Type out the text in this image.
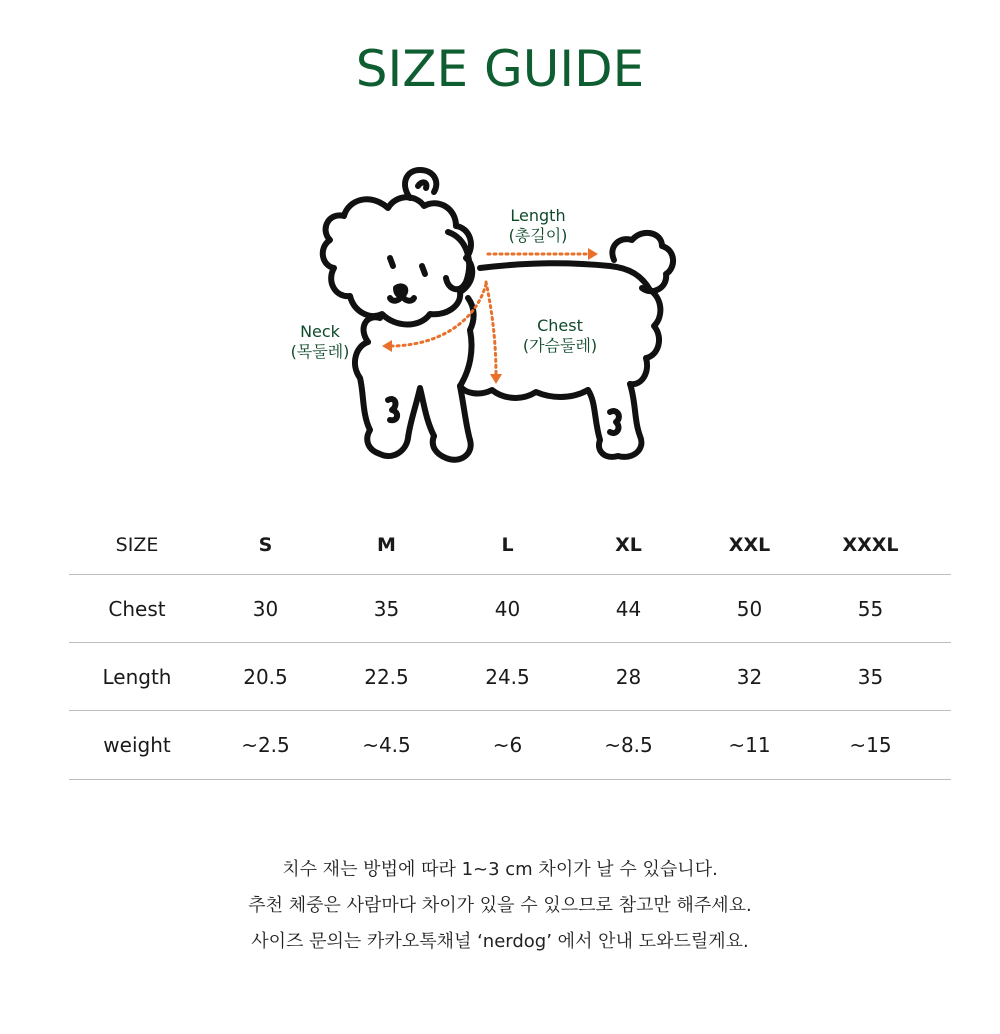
SIZE GUIDE
Length
(총길이)
Neck
(목둘레)
Chest
(가슴둘레)
SIZE	S	M	L	XL	XXL	XXXL
Chest	30	35	40	44	50	55
Length	20.5	22.5	24.5	28	32	35
weight	~2.5	~4.5	~6	~8.5	~11	~15
치수 재는 방법에 따라 1~3 cm 차이가 날 수 있습니다.
추천 체중은 사람마다 차이가 있을 수 있으므로 참고만 해주세요.
사이즈 문의는 카카오톡채널 ‘nerdog’ 에서 안내 도와드릴게요.
